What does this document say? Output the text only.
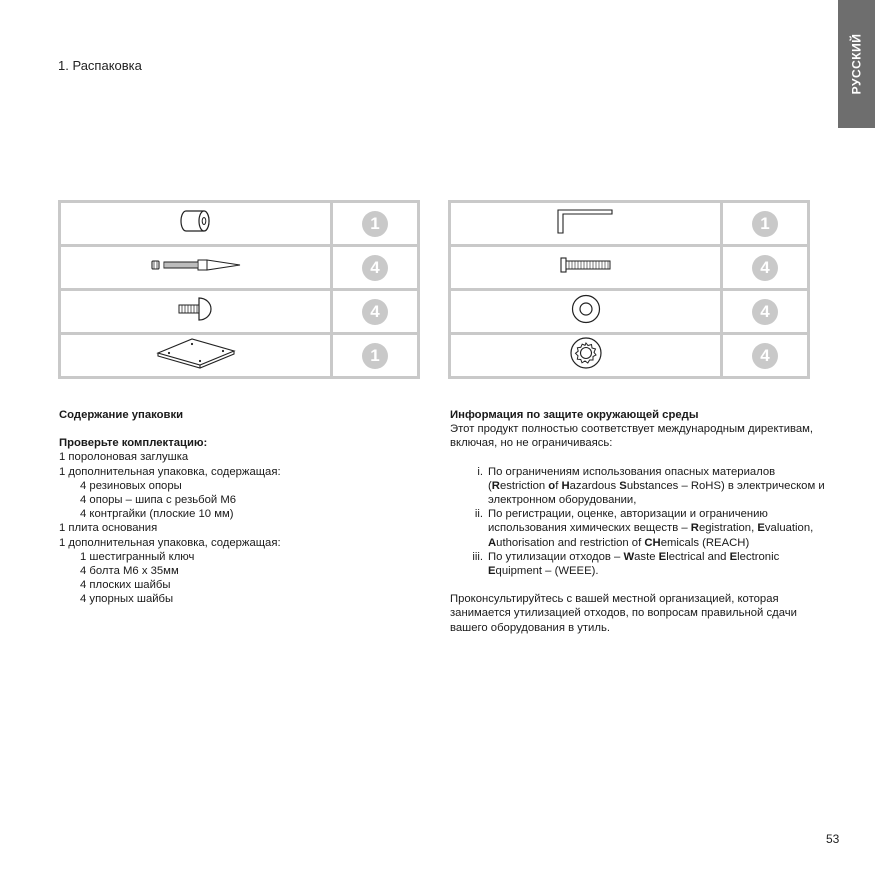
1. Распаковка	РУССКИЙ
	1
	4
	4
	1
	1
	4
	4
	4
Содержание упаковки
Проверьте комплектацию:
1 поролоновая заглушка
1 дополнительная упаковка, содержащая:
4 резиновых опоры
4 опоры – шипа с резьбой М6
4 контргайки (плоские 10 мм)
1 плита основания
1 дополнительная упаковка, содержащая:
1 шестигранный ключ
4 болта М6 х 35мм
4 плоских шайбы
4 упорных шайбы
Информация по защите окружающей среды
Этот продукт полностью соответствует международным директивам, включая, но не ограничиваясь:
i. По ограничениям использования опасных материалов (Restriction of Hazardous Substances – RoHS) в электрическом и электронном оборудовании,
ii. По регистрации, оценке, авторизации и ограничению использования химических веществ – Registration, Evaluation, Authorisation and restriction of CHemicals (REACH)
iii. По утилизации отходов – Waste Electrical and Electronic Equipment – (WEEE).
Проконсультируйтесь с вашей местной организацией, которая занимается утилизацией отходов, по вопросам правильной сдачи вашего оборудования в утиль.
53
